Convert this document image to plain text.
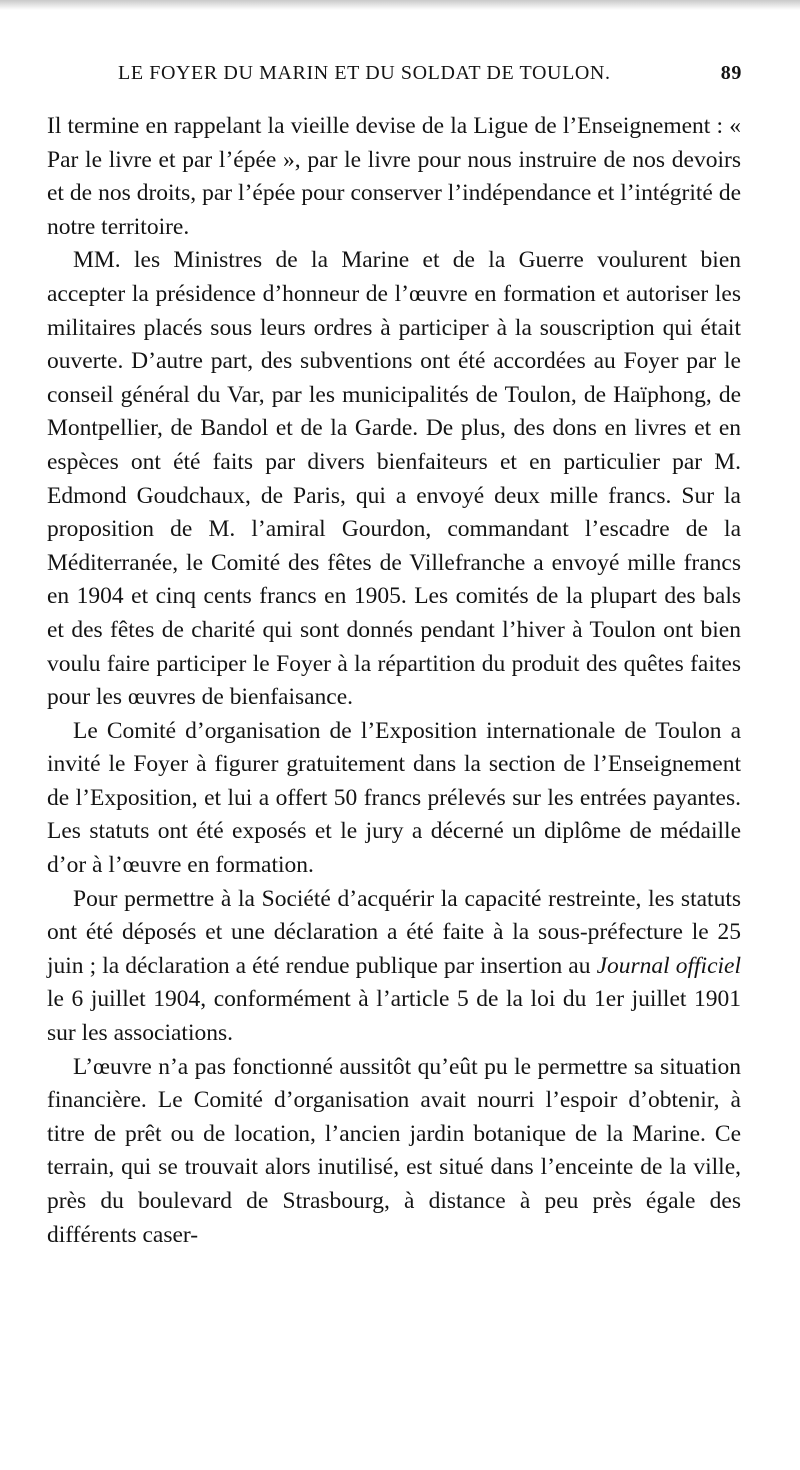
LE FOYER DU MARIN ET DU SOLDAT DE TOULON.	89

Il termine en rappelant la vieille devise de la Ligue de l’Enseignement : « Par le livre et par l’épée », par le livre pour nous instruire de nos devoirs et de nos droits, par l’épée pour conserver l’indépendance et l’intégrité de notre territoire.

MM. les Ministres de la Marine et de la Guerre voulurent bien accepter la présidence d’honneur de l’œuvre en formation et autoriser les militaires placés sous leurs ordres à participer à la souscription qui était ouverte. D’autre part, des subventions ont été accordées au Foyer par le conseil général du Var, par les municipalités de Toulon, de Haïphong, de Montpellier, de Bandol et de la Garde. De plus, des dons en livres et en espèces ont été faits par divers bienfaiteurs et en particulier par M. Edmond Goudchaux, de Paris, qui a envoyé deux mille francs. Sur la proposition de M. l’amiral Gourdon, commandant l’escadre de la Méditerranée, le Comité des fêtes de Villefranche a envoyé mille francs en 1904 et cinq cents francs en 1905. Les comités de la plupart des bals et des fêtes de charité qui sont donnés pendant l’hiver à Toulon ont bien voulu faire participer le Foyer à la répartition du produit des quêtes faites pour les œuvres de bienfaisance.

Le Comité d’organisation de l’Exposition internationale de Toulon a invité le Foyer à figurer gratuitement dans la section de l’Enseignement de l’Exposition, et lui a offert 50 francs prélevés sur les entrées payantes. Les statuts ont été exposés et le jury a décerné un diplôme de médaille d’or à l’œuvre en formation.

Pour permettre à la Société d’acquérir la capacité restreinte, les statuts ont été déposés et une déclaration a été faite à la sous-préfecture le 25 juin ; la déclaration a été rendue publique par insertion au Journal officiel le 6 juillet 1904, conformément à l’article 5 de la loi du 1er juillet 1901 sur les associations.

L’œuvre n’a pas fonctionné aussitôt qu’eût pu le permettre sa situation financière. Le Comité d’organisation avait nourri l’espoir d’obtenir, à titre de prêt ou de location, l’ancien jardin botanique de la Marine. Ce terrain, qui se trouvait alors inutilisé, est situé dans l’enceinte de la ville, près du boulevard de Strasbourg, à distance à peu près égale des différents caser-
